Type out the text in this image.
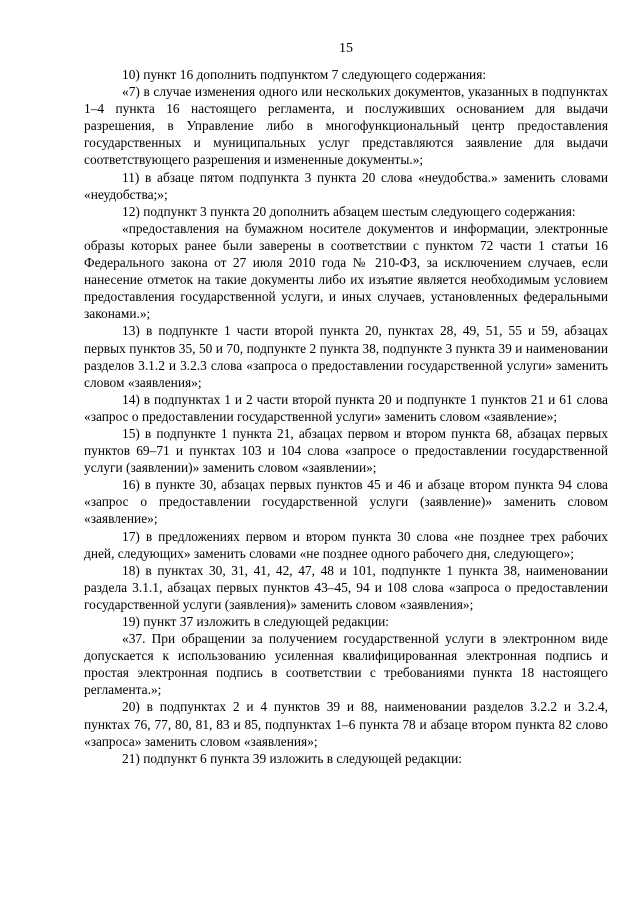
15

10) пункт 16 дополнить подпунктом 7 следующего содержания:

«7) в случае изменения одного или нескольких документов, указанных в подпунктах 1–4 пункта 16 настоящего регламента, и послуживших основанием для выдачи разрешения, в Управление либо в многофункциональный центр предоставления государственных и муниципальных услуг представляются заявление для выдачи соответствующего разрешения и измененные документы.»;

11) в абзаце пятом подпункта 3 пункта 20 слова «неудобства.» заменить словами «неудобства;»;

12) подпункт 3 пункта 20 дополнить абзацем шестым следующего содержания:

«предоставления на бумажном носителе документов и информации, электронные образы которых ранее были заверены в соответствии с пунктом 72 части 1 статьи 16 Федерального закона от 27 июля 2010 года № 210-ФЗ, за исключением случаев, если нанесение отметок на такие документы либо их изъятие является необходимым условием предоставления государственной услуги, и иных случаев, установленных федеральными законами.»;

13) в подпункте 1 части второй пункта 20, пунктах 28, 49, 51, 55 и 59, абзацах первых пунктов 35, 50 и 70, подпункте 2 пункта 38, подпункте 3 пункта 39 и наименовании разделов 3.1.2 и 3.2.3 слова «запроса о предоставлении государственной услуги» заменить словом «заявления»;

14) в подпунктах 1 и 2 части второй пункта 20 и подпункте 1 пунктов 21 и 61 слова «запрос о предоставлении государственной услуги» заменить словом «заявление»;

15) в подпункте 1 пункта 21, абзацах первом и втором пункта 68, абзацах первых пунктов 69–71 и пунктах 103 и 104 слова «запросе о предоставлении государственной услуги (заявлении)» заменить словом «заявлении»;

16) в пункте 30, абзацах первых пунктов 45 и 46 и абзаце втором пункта 94 слова «запрос о предоставлении государственной услуги (заявление)» заменить словом «заявление»;

17) в предложениях первом и втором пункта 30 слова «не позднее трех рабочих дней, следующих» заменить словами «не позднее одного рабочего дня, следующего»;

18) в пунктах 30, 31, 41, 42, 47, 48 и 101, подпункте 1 пункта 38, наименовании раздела 3.1.1, абзацах первых пунктов 43–45, 94 и 108 слова «запроса о предоставлении государственной услуги (заявления)» заменить словом «заявления»;

19) пункт 37 изложить в следующей редакции:

«37. При обращении за получением государственной услуги в электронном виде допускается к использованию усиленная квалифицированная электронная подпись и простая электронная подпись в соответствии с требованиями пункта 18 настоящего регламента.»;

20) в подпунктах 2 и 4 пунктов 39 и 88, наименовании разделов 3.2.2 и 3.2.4, пунктах 76, 77, 80, 81, 83 и 85, подпунктах 1–6 пункта 78 и абзаце втором пункта 82 слово «запроса» заменить словом «заявления»;

21) подпункт 6 пункта 39 изложить в следующей редакции:
